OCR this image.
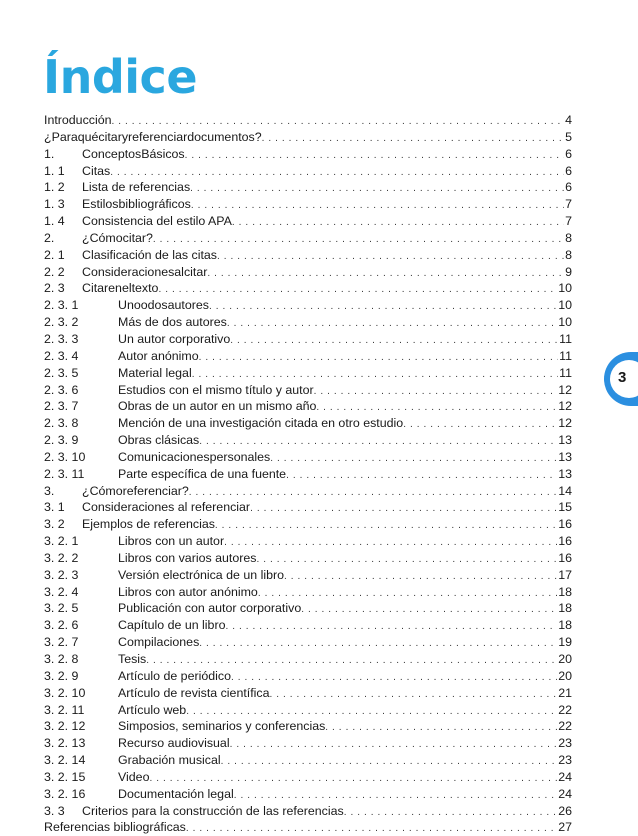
Índice
Introducción . . .	4
¿Paraquécitaryreferenciardocumentos? . . .	5
1.	ConceptosBásicos . . .	6
1. 1	Citas . . .	6
1. 2	Lista de referencias . . .	6
1. 3	Estilosbibliográficos . . .	7
1. 4	Consistencia del estilo APA . . .	7
2.	¿Cómocitar? . . .	8
2. 1	Clasificación de las citas . . .	8
2. 2	Consideracionesalcitar . . .	9
2. 3	Citareneltexto . . .	10
2. 3. 1	Unoodosautores . . .	10
2. 3. 2	Más de dos autores . . .	10
2. 3. 3	Un autor corporativo . . .	11
2. 3. 4	Autor anónimo . . .	11
2. 3. 5	Material legal . . .	11
2. 3. 6	Estudios con el mismo título y autor . . .	12
2. 3. 7	Obras de un autor en un mismo año . . .	12
2. 3. 8	Mención de una investigación citada en otro estudio . . .	12
2. 3. 9	Obras clásicas . . .	13
2. 3. 10	Comunicacionespersonales . . .	13
2. 3. 11	Parte específica de una fuente . . .	13
3.	¿Cómoreferenciar? . . .	14
3. 1	Consideraciones al referenciar . . .	15
3. 2	Ejemplos de referencias . . .	16
3. 2. 1	Libros con un autor . . .	16
3. 2. 2	Libros con varios autores . . .	16
3. 2. 3	Versión electrónica de un libro . . .	17
3. 2. 4	Libros con autor anónimo . . .	18
3. 2. 5	Publicación con autor corporativo . . .	18
3. 2. 6	Capítulo de un libro . . .	18
3. 2. 7	Compilaciones . . .	19
3. 2. 8	Tesis . . .	20
3. 2. 9	Artículo de periódico . . .	20
3. 2. 10	Artículo de revista científica . . .	21
3. 2. 11	Artículo web . . .	22
3. 2. 12	Simposios, seminarios y conferencias . . .	22
3. 2. 13	Recurso audiovisual . . .	23
3. 2. 14	Grabación musical . . .	23
3. 2. 15	Video . . .	24
3. 2. 16	Documentación legal . . .	24
3. 3	Criterios para la construcción de las referencias . . .	26
Referencias bibliográficas . . .	27
3
